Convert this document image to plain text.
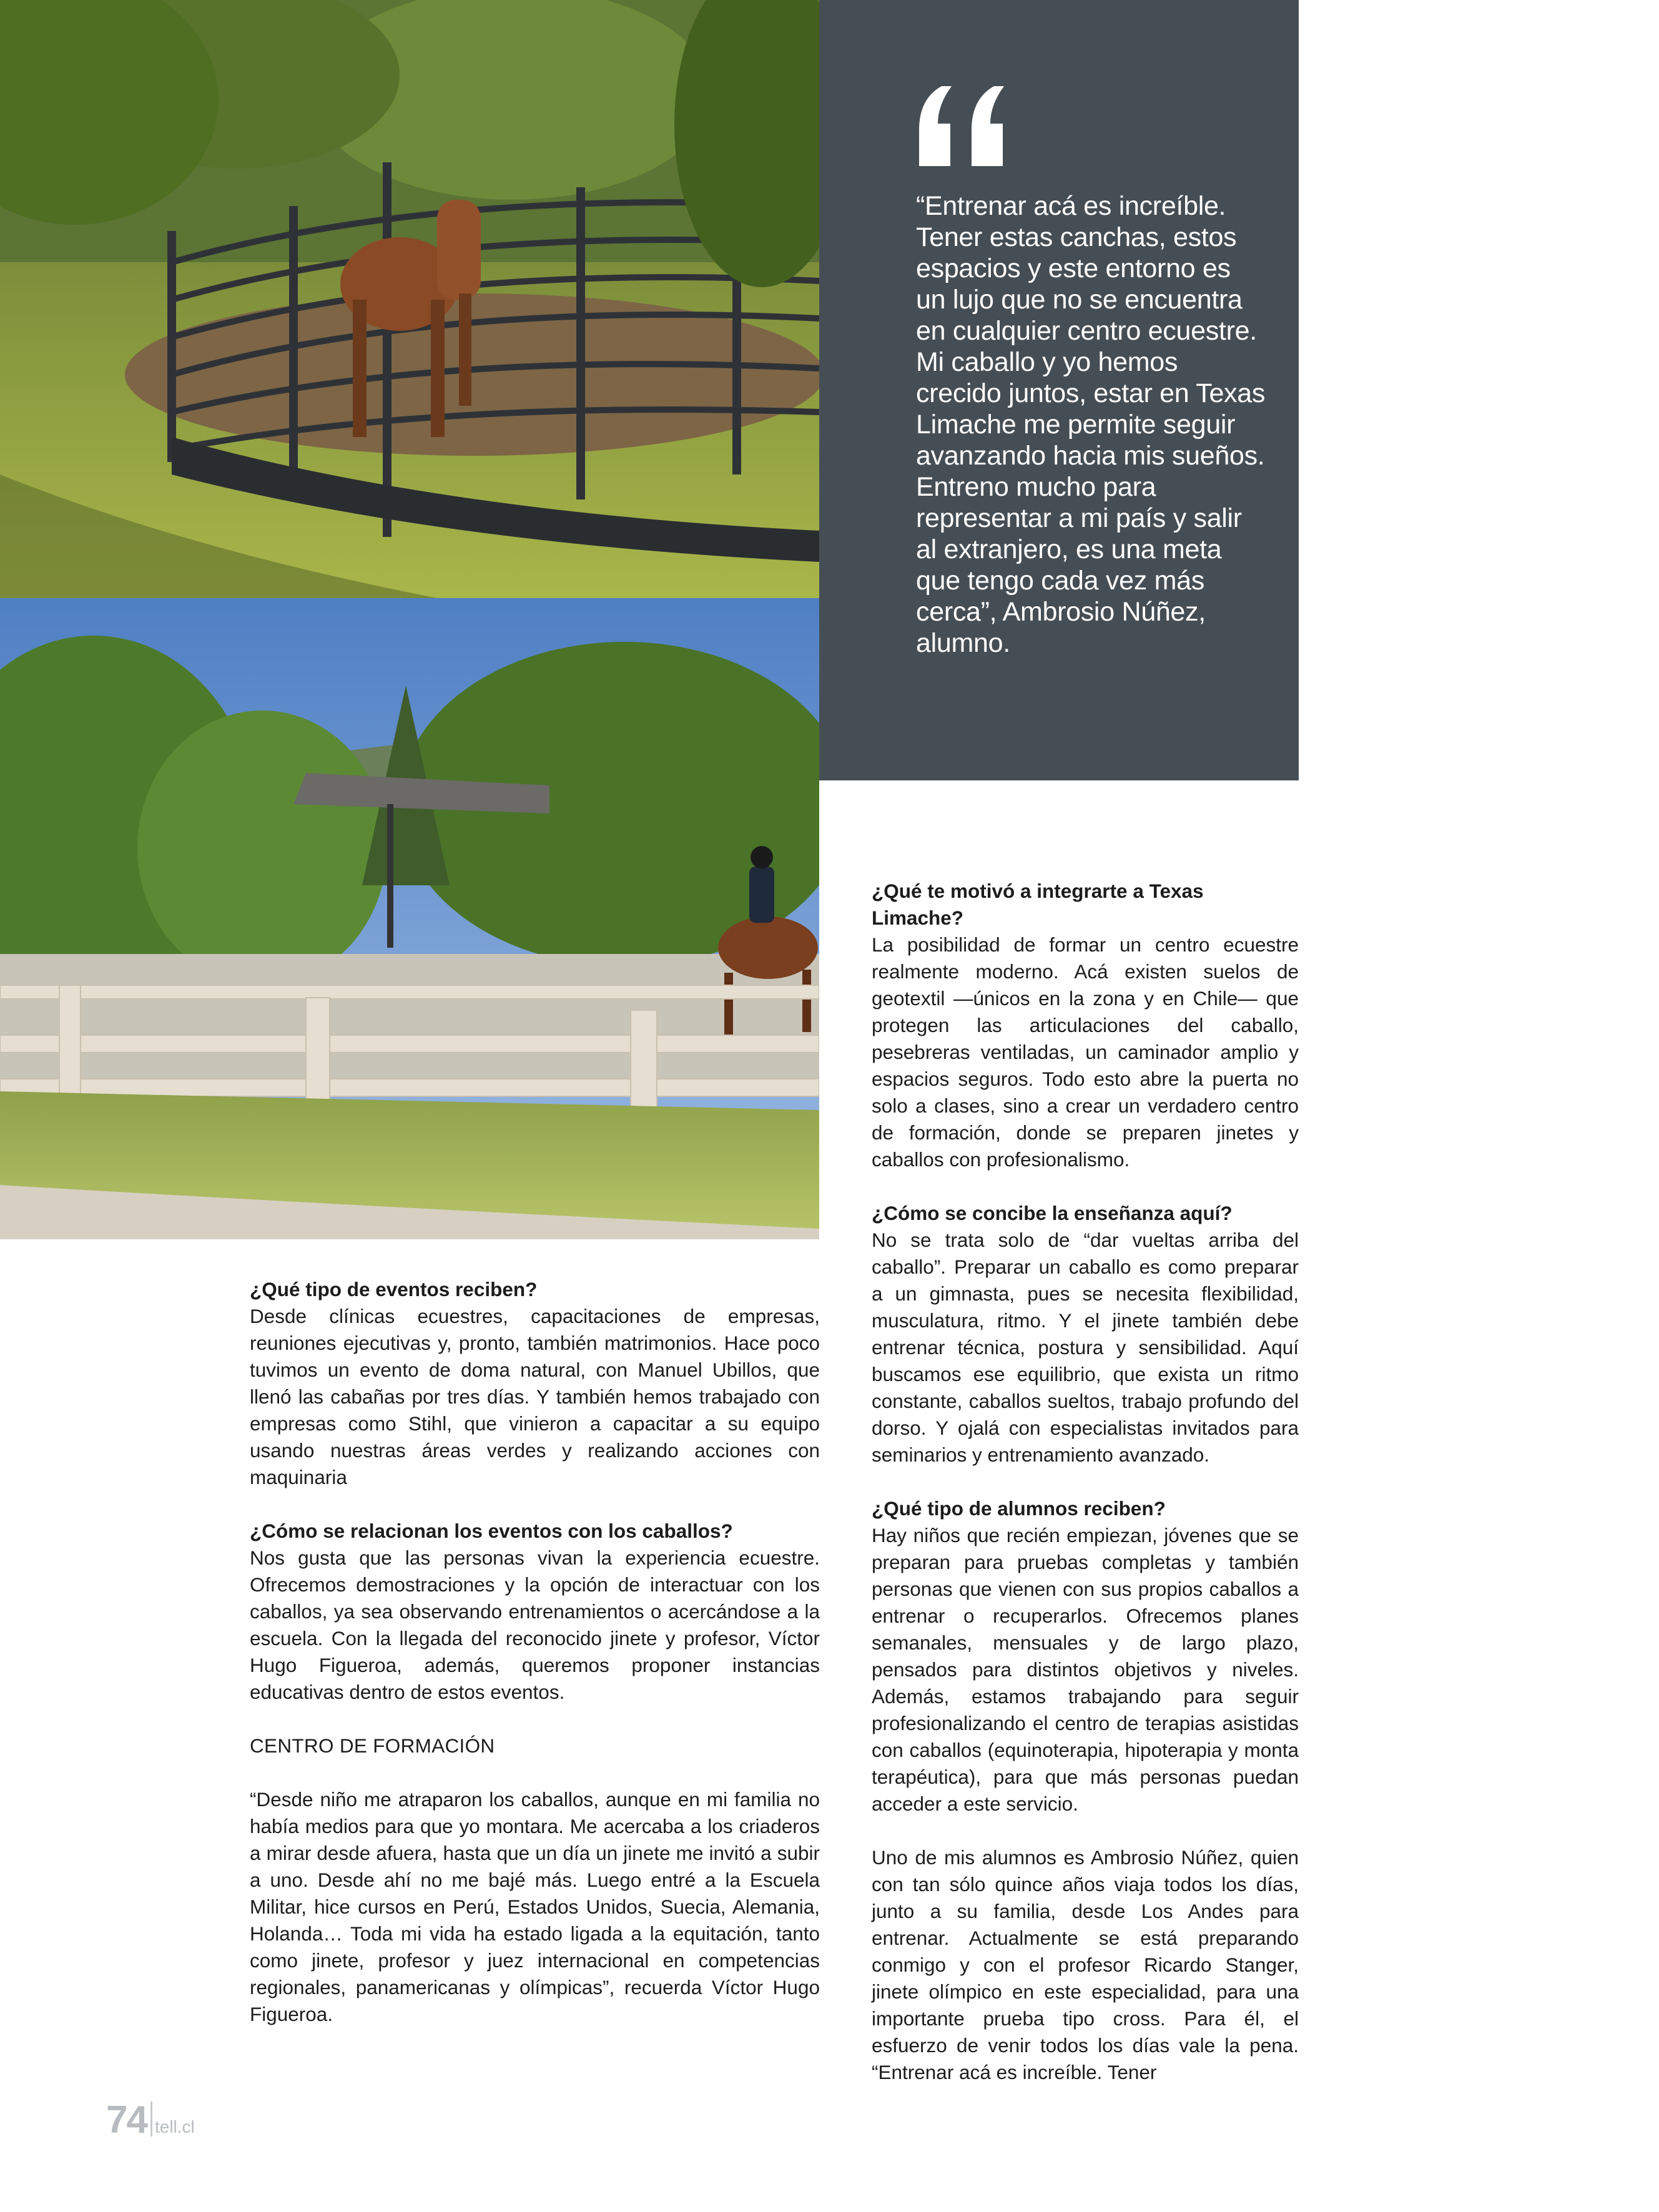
“Entrenar acá es increíble. Tener estas canchas, estos espacios y este entorno es un lujo que no se encuentra en cualquier centro ecuestre. Mi caballo y yo hemos crecido juntos, estar en Texas Limache me permite seguir avanzando hacia mis sueños. Entreno mucho para representar a mi país y salir al extranjero, es una meta que tengo cada vez más cerca”, Ambrosio Núñez, alumno.

¿Qué tipo de eventos reciben?

Desde clínicas ecuestres, capacitaciones de empresas, reuniones ejecutivas y, pronto, también matrimonios. Hace poco tuvimos un evento de doma natural, con Manuel Ubillos, que llenó las cabañas por tres días. Y también hemos trabajado con empresas como Stihl, que vinieron a capacitar a su equipo usando nuestras áreas verdes y realizando acciones con maquinaria

¿Cómo se relacionan los eventos con los caballos?

Nos gusta que las personas vivan la experiencia ecuestre. Ofrecemos demostraciones y la opción de interactuar con los caballos, ya sea observando entrenamientos o acercándose a la escuela. Con la llegada del reconocido jinete y profesor, Víctor Hugo Figueroa, además, queremos proponer instancias educativas dentro de estos eventos.

CENTRO DE FORMACIÓN

“Desde niño me atraparon los caballos, aunque en mi familia no había medios para que yo montara. Me acercaba a los criaderos a mirar desde afuera, hasta que un día un jinete me invitó a subir a uno. Desde ahí no me bajé más. Luego entré a la Escuela Militar, hice cursos en Perú, Estados Unidos, Suecia, Alemania, Holanda… Toda mi vida ha estado ligada a la equitación, tanto como jinete, profesor y juez internacional en competencias regionales, panamericanas y olímpicas”, recuerda Víctor Hugo Figueroa.

¿Qué te motivó a integrarte a Texas Limache?

La posibilidad de formar un centro ecuestre realmente moderno. Acá existen suelos de geotextil —únicos en la zona y en Chile— que protegen las articulaciones del caballo, pesebreras ventiladas, un caminador amplio y espacios seguros. Todo esto abre la puerta no solo a clases, sino a crear un verdadero centro de formación, donde se preparen jinetes y caballos con profesionalismo.

¿Cómo se concibe la enseñanza aquí?

No se trata solo de “dar vueltas arriba del caballo”. Preparar un caballo es como preparar a un gimnasta, pues se necesita flexibilidad, musculatura, ritmo. Y el jinete también debe entrenar técnica, postura y sensibilidad. Aquí buscamos ese equilibrio, que exista un ritmo constante, caballos sueltos, trabajo profundo del dorso. Y ojalá con especialistas invitados para seminarios y entrenamiento avanzado.

¿Qué tipo de alumnos reciben?

Hay niños que recién empiezan, jóvenes que se preparan para pruebas completas y también personas que vienen con sus propios caballos a entrenar o recuperarlos. Ofrecemos planes semanales, mensuales y de largo plazo, pensados para distintos objetivos y niveles. Además, estamos trabajando para seguir profesionalizando el centro de terapias asistidas con caballos (equinoterapia, hipoterapia y monta terapéutica), para que más personas puedan acceder a este servicio.

Uno de mis alumnos es Ambrosio Núñez, quien con tan sólo quince años viaja todos los días, junto a su familia, desde Los Andes para entrenar. Actualmente se está preparando conmigo y con el profesor Ricardo Stanger, jinete olímpico en este especialidad, para una importante prueba tipo cross. Para él, el esfuerzo de venir todos los días vale la pena. “Entrenar acá es increíble. Tener

74 tell.cl
